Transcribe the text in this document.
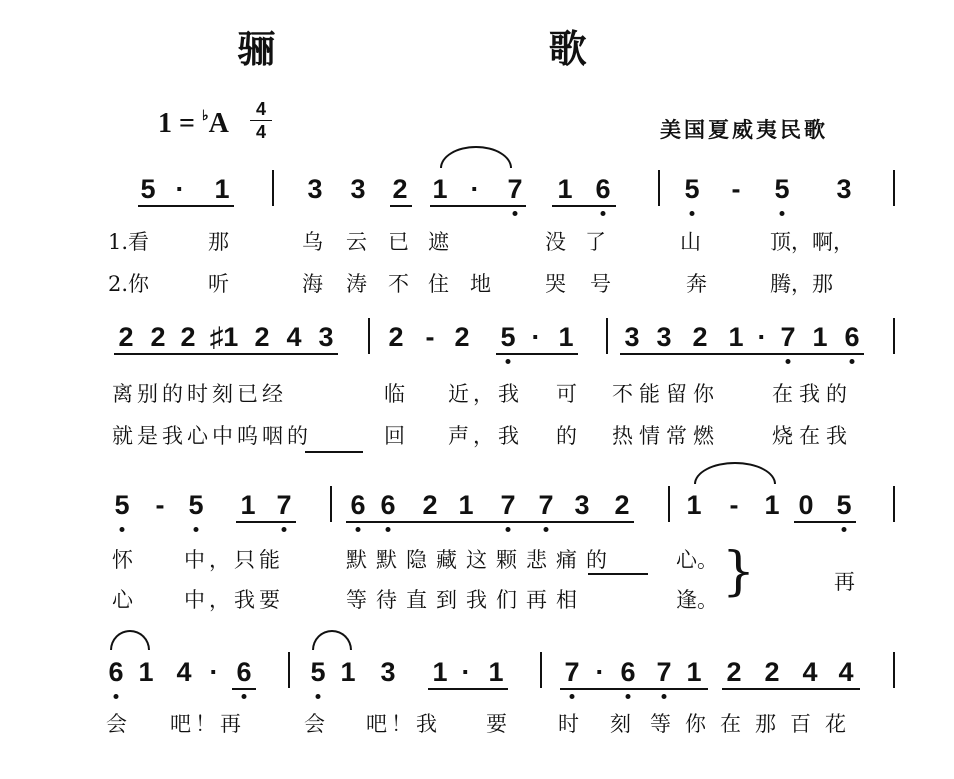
骊 歌
1 = ♭A	4
4	美国夏威夷民歌
5 · 1	3 3 2 1 · 7 1 6	5 - 5 3
1.看	那	乌 云 已 遮	没 了	山	顶，啊，
2.你	听	海 涛 不 住 地	哭 号	奔	腾，那
2 2 2 ♯1 2 4 3 2 - 2 5 · 1 3 3 2 1 · 7 1 6
离别的时刻已经	临 近，我 可 不能留你 在我的
就是我心中呜咽的	回 声，我 的 热情常燃 烧在我
5 - 5 1 7 6 6 2 1 7 7 3 2 1 - 1 0 5
怀 中，只能	默默隐藏这颗悲痛的	心。
心 中，我要	等待直到我们再相	逢。 }	再
6 1 4 · 6 5 1 3 1 · 1 7 · 6 7 1 2 2 4 4
会 吧！再	会 吧！我 要 时 刻 等你在那百花
